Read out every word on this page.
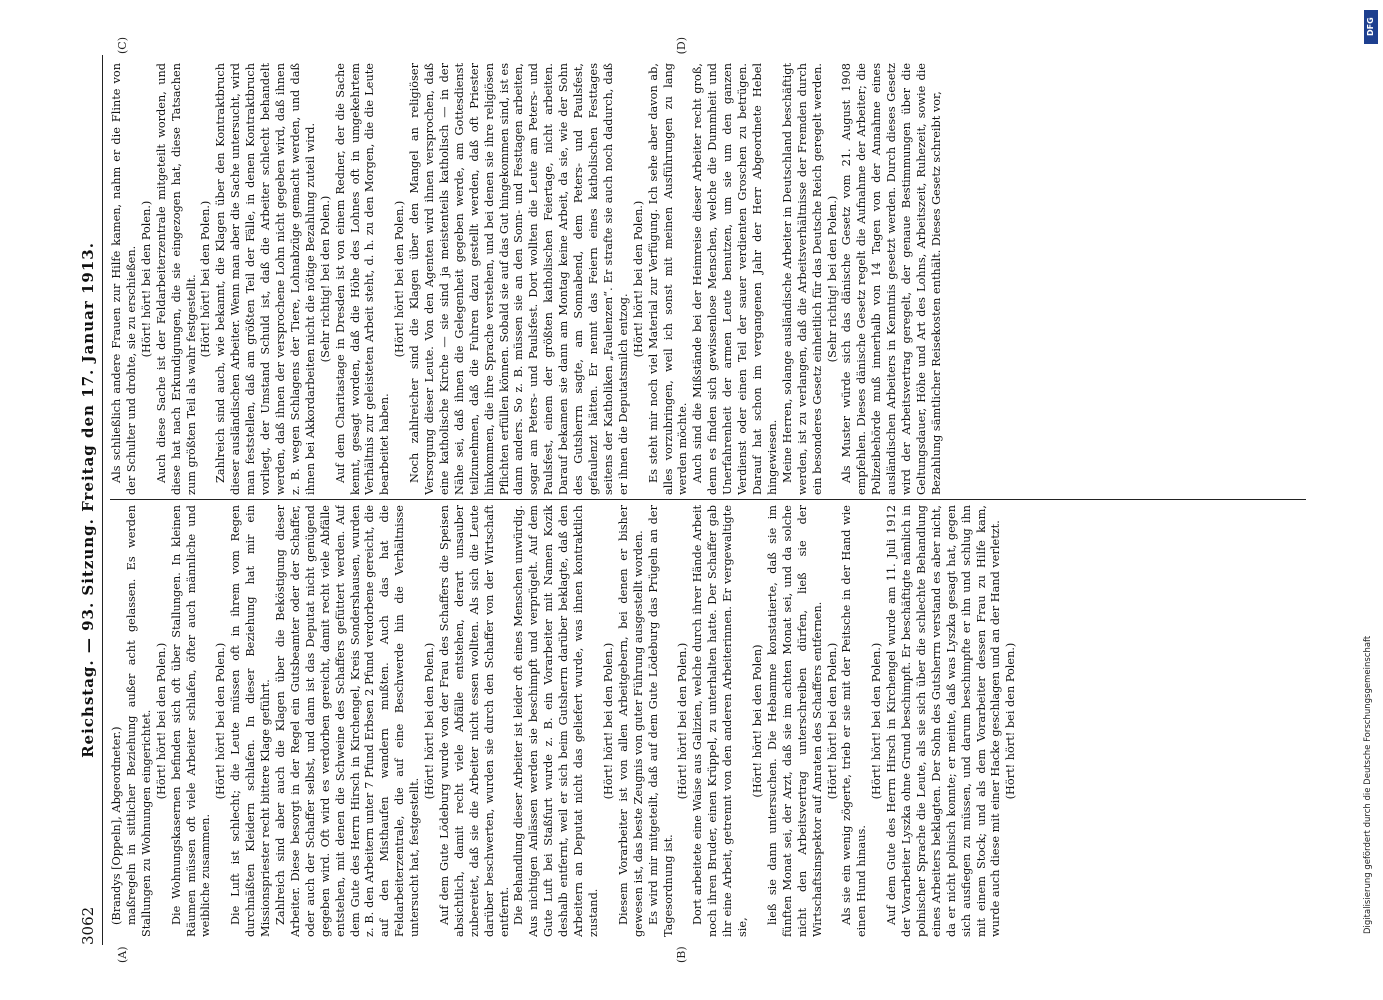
3062
Reichstag. — 93. Sitzung. Freitag den 17. Januar 1913.
(A)	(B)
(C)	(D)

(Brandys [Oppeln], Abgeordneter.) maßregeln in sittlicher Beziehung außer acht gelassen. Es werden Stallungen zu Wohnungen eingerichtet. (Hört! hört! bei den Polen.) Die Wohnungskasernen befinden sich oft über Stallungen. In kleinen Räumen müssen oft viele Arbeiter schlafen, öfter auch männliche und weibliche zusammen.

(Hört! hört! bei den Polen.) Die Luft ist schlecht; die Leute müssen oft in ihrem vom Regen durchnäßten Kleidern schlafen. In dieser Beziehung hat mir ein Missionspriester recht bittere Klage geführt. Zahlreich sind aber auch die Klagen über die Beköstigung dieser Arbeiter. Diese besorgt in der Regel ein Gutsbeamter oder der Schaffer, oder auch der Schaffer selbst, und dann ist das Deputat nicht genügend gegeben wird. Oft wird es verdorben gereicht, damit recht viele Abfälle entstehen, mit denen die Schweine des Schaffers gefüttert werden. Auf dem Gute des Herrn Hirsch in Kirchengel, Kreis Sondershausen, wurden z. B. den Arbeitern unter 7 Pfund Erbsen 2 Pfund verdorbene gereicht, die auf den Misthaufen wandern mußten. Auch das hat die Feldarbeiterzentrale, die auf eine Beschwerde hin die Verhältnisse untersucht hat, festgestellt.

(Hört! hört! bei den Polen.) Auf dem Gute Lödeburg wurde von der Frau des Schaffers die Speisen absichtlich, damit recht viele Abfälle entstehen, derart unsauber zubereitet, daß sie die Arbeiter nicht essen wollten. Als sich die Leute darüber beschwerten, wurden sie durch den Schaffer von der Wirtschaft entfernt. Die Behandlung dieser Arbeiter ist leider oft eines Menschen unwürdig. Aus nichtigen Anlässen werden sie beschimpft und verprügelt. Auf dem Gute Luft bei Staßfurt wurde z. B. ein Vorarbeiter mit Namen Kozik deshalb entfernt, weil er sich beim Gutsherrn darüber beklagte, daß den Arbeitern an Deputat nicht das geliefert wurde, was ihnen kontraktlich zustand.

(Hört! hört! bei den Polen.) Diesem Vorarbeiter ist von allen Arbeitgebern, bei denen er bisher gewesen ist, das beste Zeugnis von guter Führung ausgestellt worden. Es wird mir mitgeteilt, daß auf dem Gute Lödeburg das Prügeln an der Tagesordnung ist.

(Hört! hört! bei den Polen.) Dort arbeitete eine Waise aus Galizien, welche durch ihrer Hände Arbeit noch ihren Bruder, einen Krüppel, zu unterhalten hatte. Der Schaffer gab ihr eine Arbeit, getrennt von den anderen Arbeiterinnen. Er vergewaltigte sie,

(Hört! hört! bei den Polen) ließ sie dann untersuchen. Die Hebamme konstatierte, daß sie im fünften Monat sei, der Arzt, daß sie im achten Monat sei, und da solche nicht den Arbeitsvertrag unterschreiben dürfen, ließ sie der Wirtschaftsinspektor auf Anraten des Schaffers entfernen. (Hört! hört! bei den Polen.) Als sie ein wenig zögerte, trieb er sie mit der Peitsche in der Hand wie einen Hund hinaus.

(Hört! hört! bei den Polen.) Auf dem Gute des Herrn Hirsch in Kirchengel wurde am 11. Juli 1912 der Vorarbeiter Lyszka ohne Grund beschimpft. Er beschäftigte nämlich in polnischer Sprache die Leute, als sie sich über die schlechte Behandlung eines Arbeiters beklagten. Der Sohn des Gutsherrn verstand es aber nicht, da er nicht polnisch konnte; er meinte, daß was Lyszka gesagt hat, gegen sich ausfiegen zu müssen, und darum beschimpfte er ihn und schlug ihn mit einem Stock; und als dem Vorarbeiter dessen Frau zu Hilfe kam, wurde auch diese mit einer Hacke geschlagen und an der Hand verletzt. (Hört! hört! bei den Polen.)

Als schließlich andere Frauen zur Hilfe kamen, nahm er die Flinte von der Schulter und drohte, sie zu erschießen. (Hört! hört! bei den Polen.) Auch diese Sache ist der Feldarbeiterzentrale mitgeteilt worden, und diese hat nach Erkundigungen, die sie eingezogen hat, diese Tatsachen zum größten Teil als wahr festgestellt. (Hört! hört! bei den Polen.) Zahlreich sind auch, wie bekannt, die Klagen über den Kontraktbruch dieser ausländischen Arbeiter. Wenn man aber die Sache untersucht, wird man feststellen, daß am größten Teil der Fälle, in denen Kontraktbruch vorliegt, der Umstand Schuld ist, daß die Arbeiter schlecht behandelt werden, daß ihnen der versprochene Lohn nicht gegeben wird, daß ihnen z. B. wegen Schlagens der Tiere, Lohnabzüge gemacht werden, und daß ihnen bei Akkordarbeiten nicht die nötige Bezahlung zuteil wird. (Sehr richtig! bei den Polen.) Auf dem Charitastage in Dresden ist von einem Redner, der die Sache kennt, gesagt worden, daß die Höhe des Lohnes oft in umgekehrtem Verhältnis zur geleisteten Arbeit steht, d. h. zu den Morgen, die die Leute bearbeitet haben.

(Hört! hört! bei den Polen.) Noch zahlreicher sind die Klagen über den Mangel an religiöser Versorgung dieser Leute. Von den Agenten wird ihnen versprochen, daß eine katholische Kirche — sie sind ja meistenteils katholisch — in der Nähe sei, daß ihnen die Gelegenheit gegeben werde, am Gottesdienst teilzunehmen, daß die Fuhren dazu gestellt werden, daß oft Priester hinkommen, die ihre Sprache verstehen, und bei denen sie ihre religiösen Pflichten erfüllen können. Sobald sie auf das Gut hingekommen sind, ist es dann anders. So z. B. müssen sie an den Sonn- und Festtagen arbeiten, sogar am Peters- und Paulsfest. Dort wollten die Leute am Peters- und Paulsfest, einem der größten katholischen Feiertage, nicht arbeiten. Darauf bekamen sie dann am Montag keine Arbeit, da sie, wie der Sohn des Gutsherrn sagte, am Sonnabend, dem Peters- und Paulsfest, gefaulenzt hätten. Er nennt das Feiern eines katholischen Festtages seitens der Katholiken „Faulenzen“. Er strafte sie auch noch dadurch, daß er ihnen die Deputatsmilch entzog.

(Hört! hört! bei den Polen.) Es steht mir noch viel Material zur Verfügung. Ich sehe aber davon ab, alles vorzubringen, weil ich sonst mit meinen Ausführungen zu lang werden möchte. Auch sind die Mißstände bei der Heimreise dieser Arbeiter recht groß, denn es finden sich gewissenlose Menschen, welche die Dummheit und Unerfahrenheit der armen Leute benutzen, um sie um den ganzen Verdienst oder einen Teil der sauer verdienten Groschen zu betrügen. Darauf hat schon im vergangenen Jahr der Herr Abgeordnete Hebel hingewiesen. Meine Herren, solange ausländische Arbeiter in Deutschland beschäftigt werden, ist zu verlangen, daß die Arbeitsverhältnisse der Fremden durch ein besonderes Gesetz einheitlich für das Deutsche Reich geregelt werden. (Sehr richtig! bei den Polen.) Als Muster würde sich das dänische Gesetz vom 21. August 1908 empfehlen. Dieses dänische Gesetz regelt die Aufnahme der Arbeiter; die Polizeibehörde muß innerhalb von 14 Tagen von der Annahme eines ausländischen Arbeiters in Kenntnis gesetzt werden. Durch dieses Gesetz wird der Arbeitsvertrag geregelt, der genaue Bestimmungen über die Geltungsdauer, Höhe und Art des Lohns, Arbeitszeit, Ruhezeit, sowie die Bezahlung sämtlicher Reisekosten enthält. Dieses Gesetz schreibt vor,

DFG
Digitalisierung gefördert durch die Deutsche Forschungsgemeinschaft
